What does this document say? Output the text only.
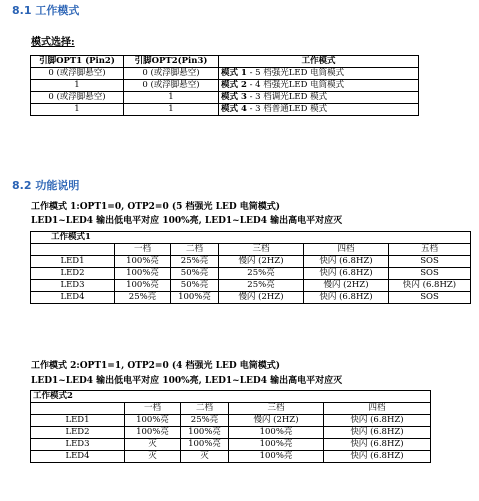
8.1 工作模式
模式选择:
引脚OPT1 (Pin2)	引脚OPT2(Pin3)	工作模式
0 (或浮脚悬空)	0 (或浮脚悬空)	模式 1 - 5 档强光LED 电筒模式
1	0 (或浮脚悬空)	模式 2 - 4 档强光LED 电筒模式
0 (或浮脚悬空)	1	模式 3 - 3 档调光LED 模式
1	1	模式 4 - 3 档普通LED 模式
8.2 功能说明
工作模式 1:OPT1=0, OTP2=0 (5 档强光 LED 电筒模式)
LED1~LED4 输出低电平对应 100%亮, LED1~LED4 输出高电平对应灭
工作模式1					
	一档	二档	三档	四档	五档
LED1	100%亮	25%亮	慢闪 (2HZ)	快闪 (6.8HZ)	SOS
LED2	100%亮	50%亮	25%亮	快闪 (6.8HZ)	SOS
LED3	100%亮	50%亮	25%亮	慢闪 (2HZ)	快闪 (6.8HZ)
LED4	25%亮	100%亮	慢闪 (2HZ)	快闪 (6.8HZ)	SOS
工作模式 2:OPT1=1, OTP2=0 (4 档强光 LED 电筒模式)
LED1~LED4 输出低电平对应 100%亮, LED1~LED4 输出高电平对应灭
工作模式2				
	一档	二档	三档	四档
LED1	100%亮	25%亮	慢闪 (2HZ)	快闪 (6.8HZ)
LED2	100%亮	100%亮	100%亮	快闪 (6.8HZ)
LED3	灭	100%亮	100%亮	快闪 (6.8HZ)
LED4	灭	灭	100%亮	快闪 (6.8HZ)
